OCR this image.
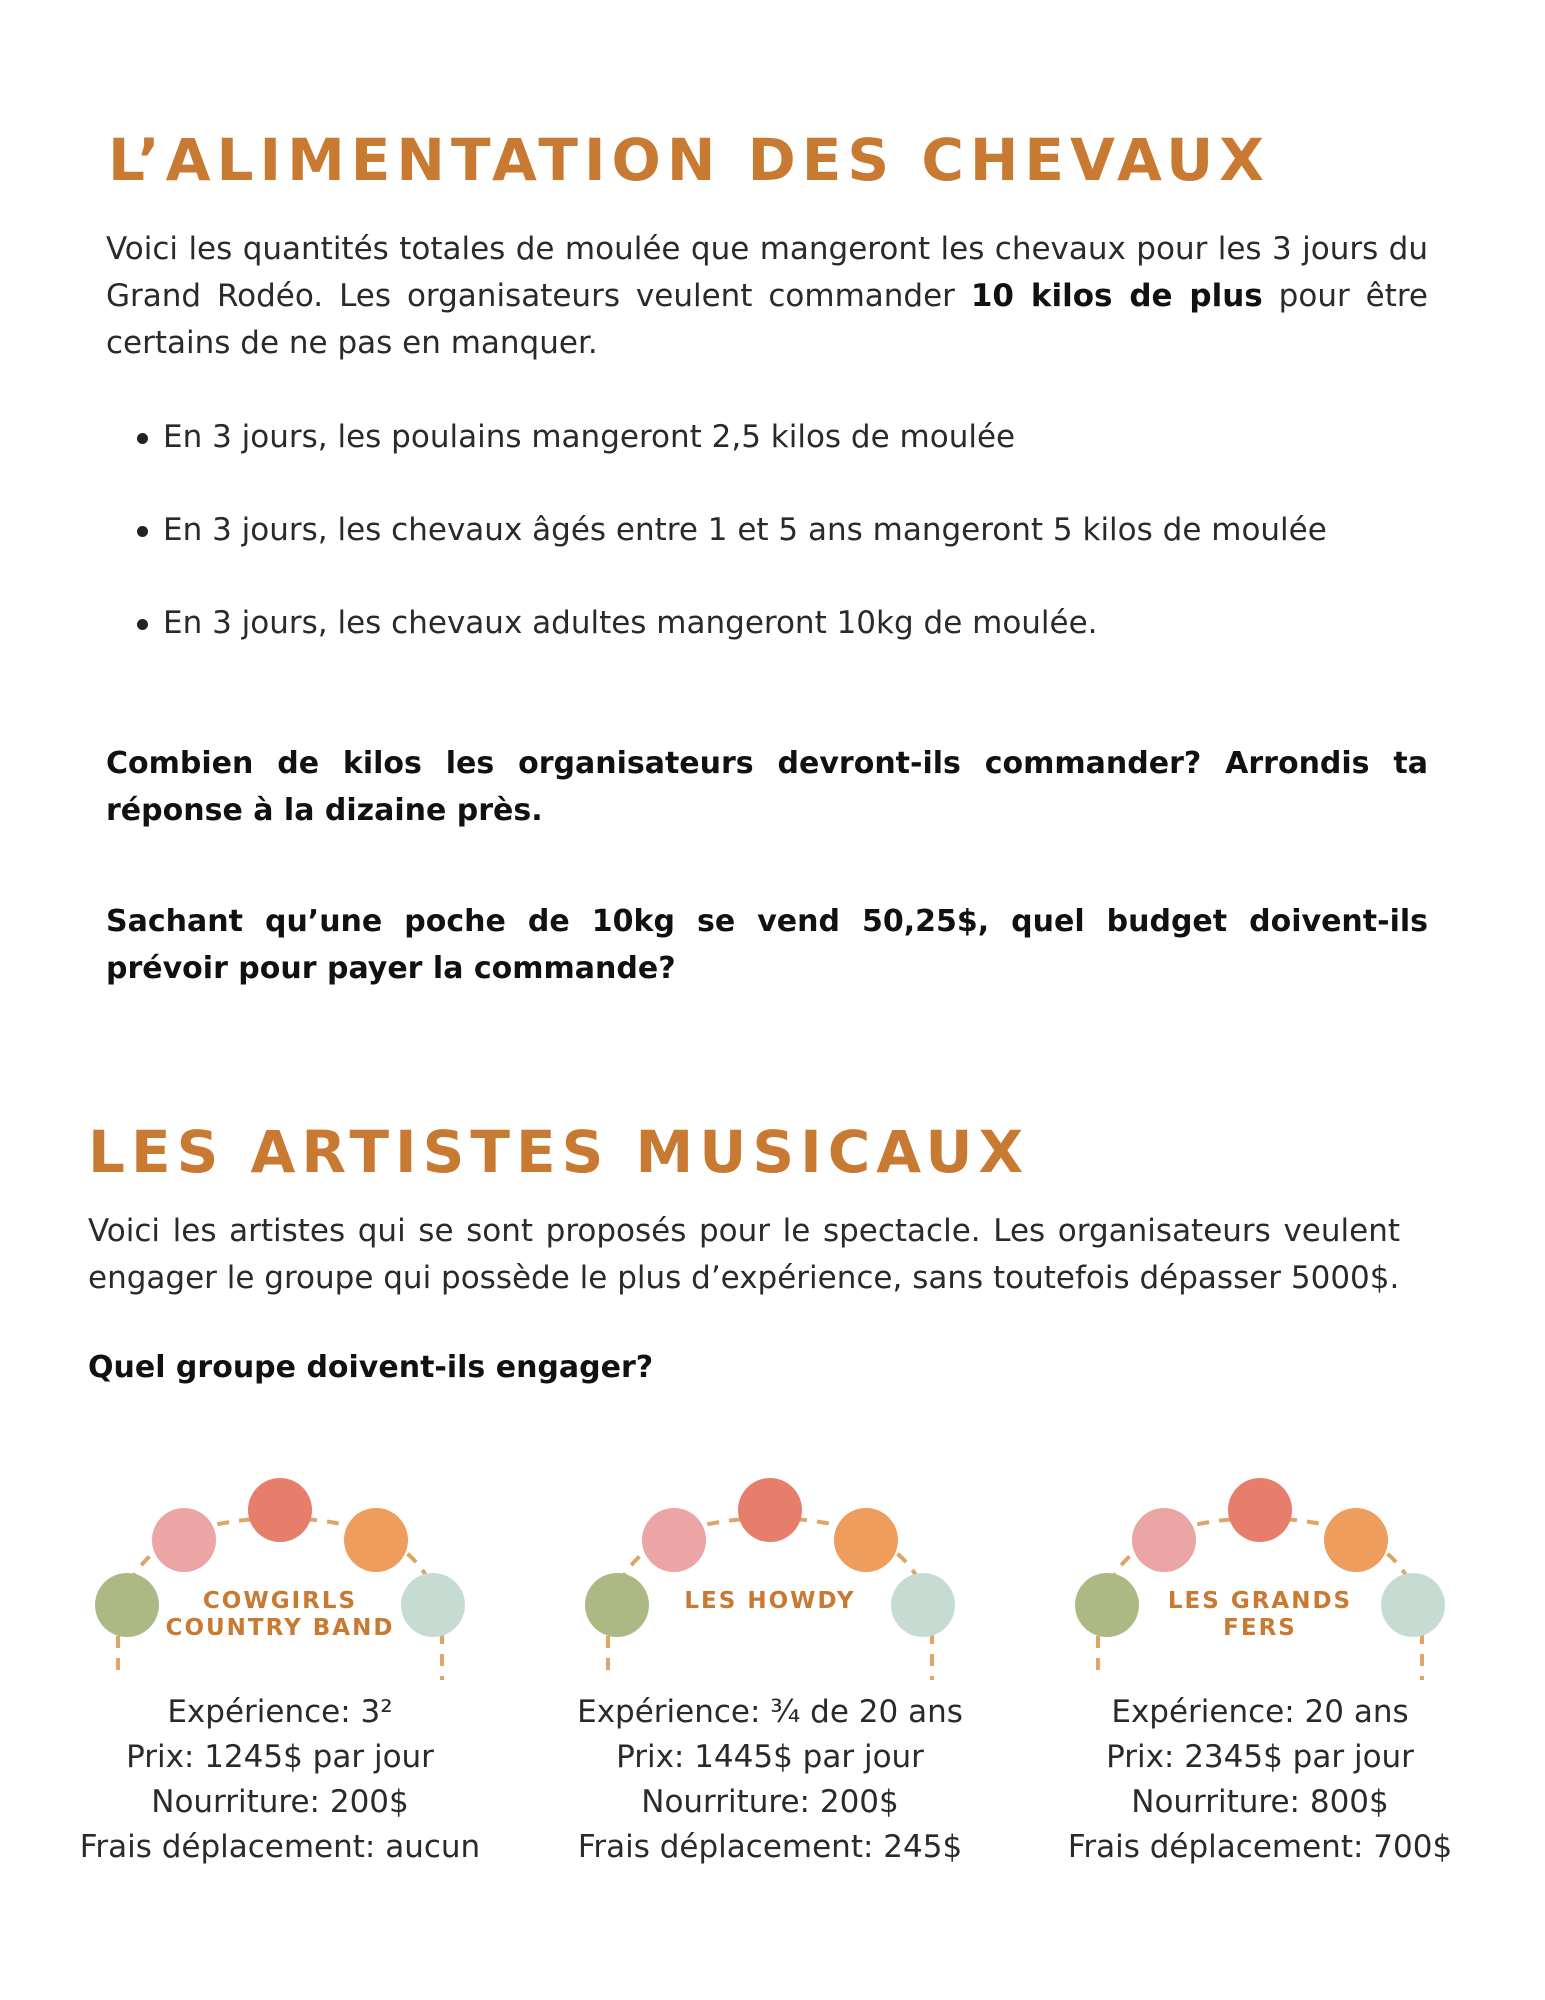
L’ALIMENTATION DES CHEVAUX

Voici les quantités totales de moulée que mangeront les chevaux pour les 3 jours du Grand Rodéo. Les organisateurs veulent commander 10 kilos de plus pour être certains de ne pas en manquer.

En 3 jours, les poulains mangeront 2,5 kilos de moulée
En 3 jours, les chevaux âgés entre 1 et 5 ans mangeront 5 kilos de moulée
En 3 jours, les chevaux adultes mangeront 10kg de moulée.

Combien de kilos les organisateurs devront-ils commander? Arrondis ta réponse à la dizaine près.

Sachant qu’une poche de 10kg se vend 50,25$, quel budget doivent-ils prévoir pour payer la commande?

LES ARTISTES MUSICAUX

Voici les artistes qui se sont proposés pour le spectacle. Les organisateurs veulent engager le groupe qui possède le plus d’expérience, sans toutefois dépasser 5000$.

Quel groupe doivent-ils engager?

COWGIRLS
COUNTRY BAND
Expérience: 3²
Prix: 1245$ par jour
Nourriture: 200$
Frais déplacement: aucun
LES HOWDY
Expérience: ¾ de 20 ans
Prix: 1445$ par jour
Nourriture: 200$
Frais déplacement: 245$
LES GRANDS
FERS
Expérience: 20 ans
Prix: 2345$ par jour
Nourriture: 800$
Frais déplacement: 700$
